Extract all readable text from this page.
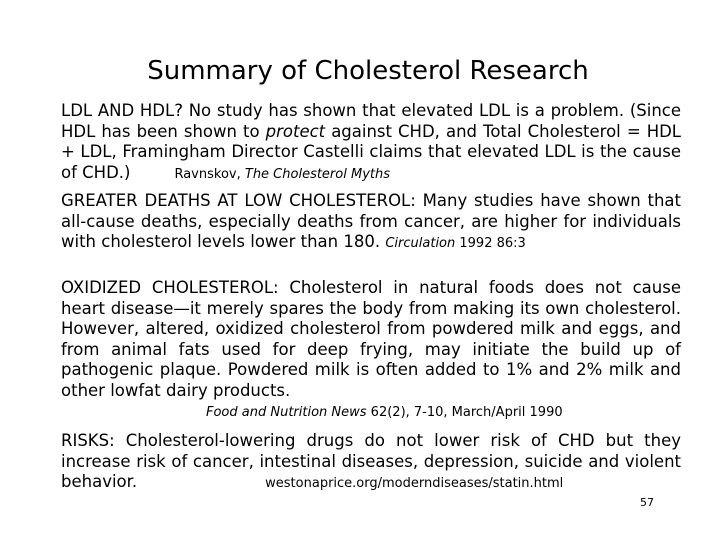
Summary of Cholesterol Research
LDL AND HDL? No study has shown that elevated LDL is a problem. (Since HDL has been shown to protect against CHD, and Total Cholesterol = HDL + LDL, Framingham Director Castelli claims that elevated LDL is the cause of CHD.)	Ravnskov, The Cholesterol Myths
GREATER DEATHS AT LOW CHOLESTEROL: Many studies have shown that all-cause deaths, especially deaths from cancer, are higher for individuals with cholesterol levels lower than 180. Circulation 1992 86:3
OXIDIZED CHOLESTEROL: Cholesterol in natural foods does not cause heart disease—it merely spares the body from making its own cholesterol. However, altered, oxidized cholesterol from powdered milk and eggs, and from animal fats used for deep frying, may initiate the build up of pathogenic plaque. Powdered milk is often added to 1% and 2% milk and other lowfat dairy products.
Food and Nutrition News 62(2), 7-10, March/April 1990
RISKS: Cholesterol-lowering drugs do not lower risk of CHD but they increase risk of cancer, intestinal diseases, depression, suicide and violent behavior.	westonaprice.org/moderndiseases/statin.html
57
